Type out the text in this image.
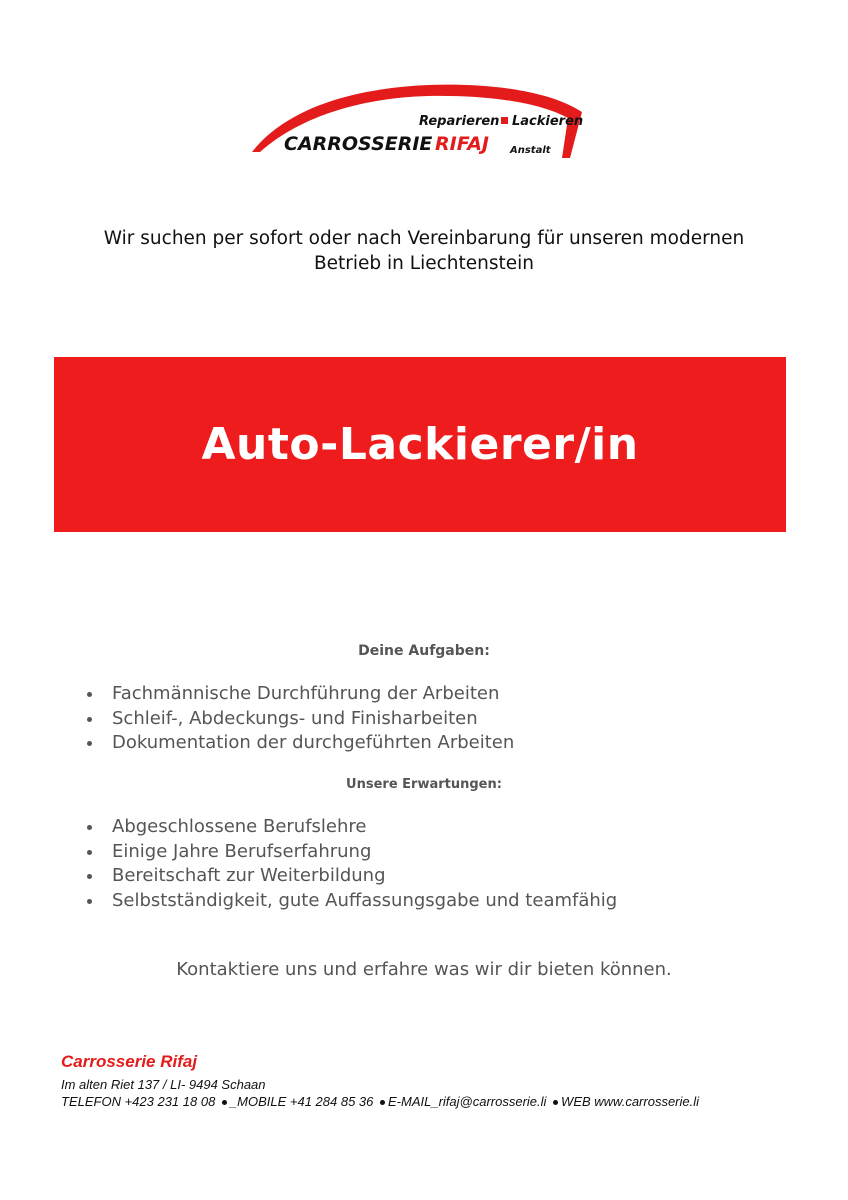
Reparieren Lackieren
CARROSSERIE RIFAJ Anstalt
Wir suchen per sofort oder nach Vereinbarung für unseren modernen
Betrieb in Liechtenstein
Auto-Lackierer/in
Deine Aufgaben:
Fachmännische Durchführung der Arbeiten
Schleif-, Abdeckungs- und Finisharbeiten
Dokumentation der durchgeführten Arbeiten
Unsere Erwartungen:
Abgeschlossene Berufslehre
Einige Jahre Berufserfahrung
Bereitschaft zur Weiterbildung
Selbstständigkeit, gute Auffassungsgabe und teamfähig
Kontaktiere uns und erfahre was wir dir bieten können.
Carrosserie Rifaj
Im alten Riet 137 / LI- 9494 Schaan
TELEFON +423 231 18 08 _MOBILE +41 284 85 36 E-MAIL_rifaj@carrosserie.li WEB www.carrosserie.li
